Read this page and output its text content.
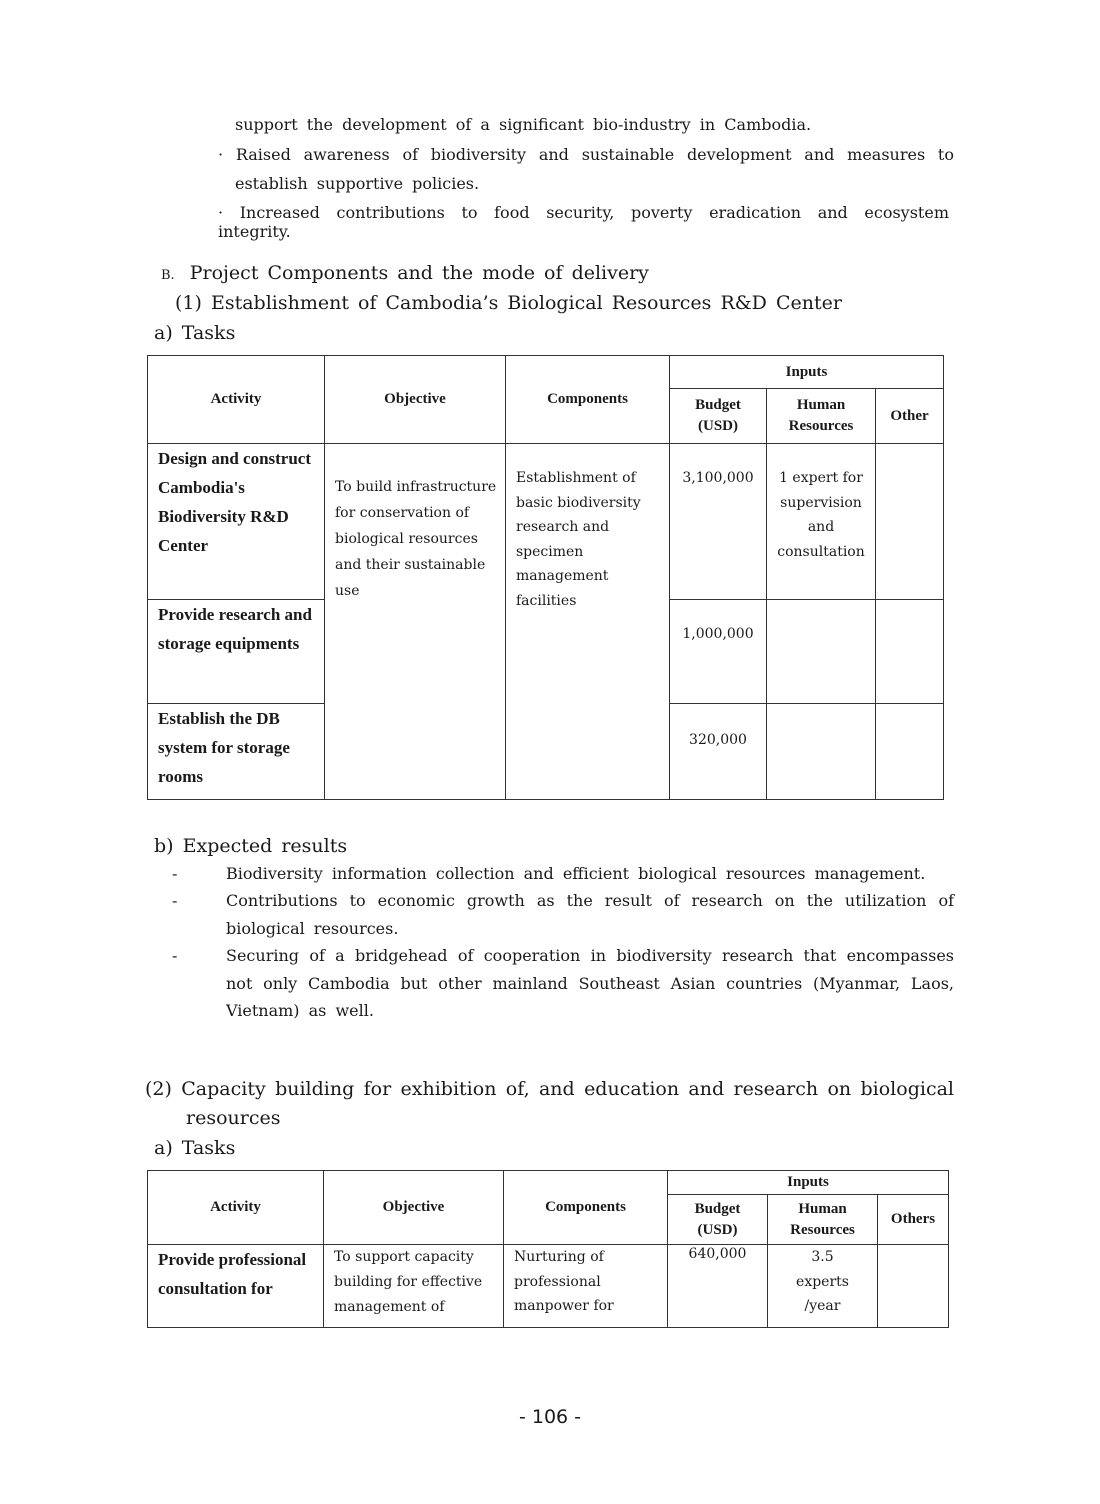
support the development of a significant bio-industry in Cambodia.

· Raised awareness of biodiversity and sustainable development and measures to

establish supportive policies.

· Increased contributions to food security, poverty eradication and ecosystem integrity.

B. Project Components and the mode of delivery

(1) Establishment of Cambodia’s Biological Resources R&D Center

a) Tasks

Activity	Objective	Components	Inputs		
			Budget (USD)	Human Resources	Other
Design and construct Cambodia's Biodiversity R&D Center	To build infrastructure for conservation of biological resources and their sustainable use	Establishment of basic biodiversity research and specimen management facilities	3,100,000	1 expert for supervision and consultation	
Provide research and storage equipments			1,000,000		
Establish the DB system for storage rooms			320,000		

b) Expected results

-	Biodiversity information collection and efficient biological resources management.

-	Contributions to economic growth as the result of research on the utilization of

biological resources.

-	Securing of a bridgehead of cooperation in biodiversity research that encompasses

not only Cambodia but other mainland Southeast Asian countries (Myanmar, Laos,

Vietnam) as well.

(2) Capacity building for exhibition of, and education and research on biological

resources

a) Tasks

Activity	Objective	Components	Inputs		
			Budget (USD)	Human Resources	Others
Provide professional consultation for	To support capacity building for effective management of	Nurturing of professional manpower for	640,000	3.5 experts /year	

- 106 -
